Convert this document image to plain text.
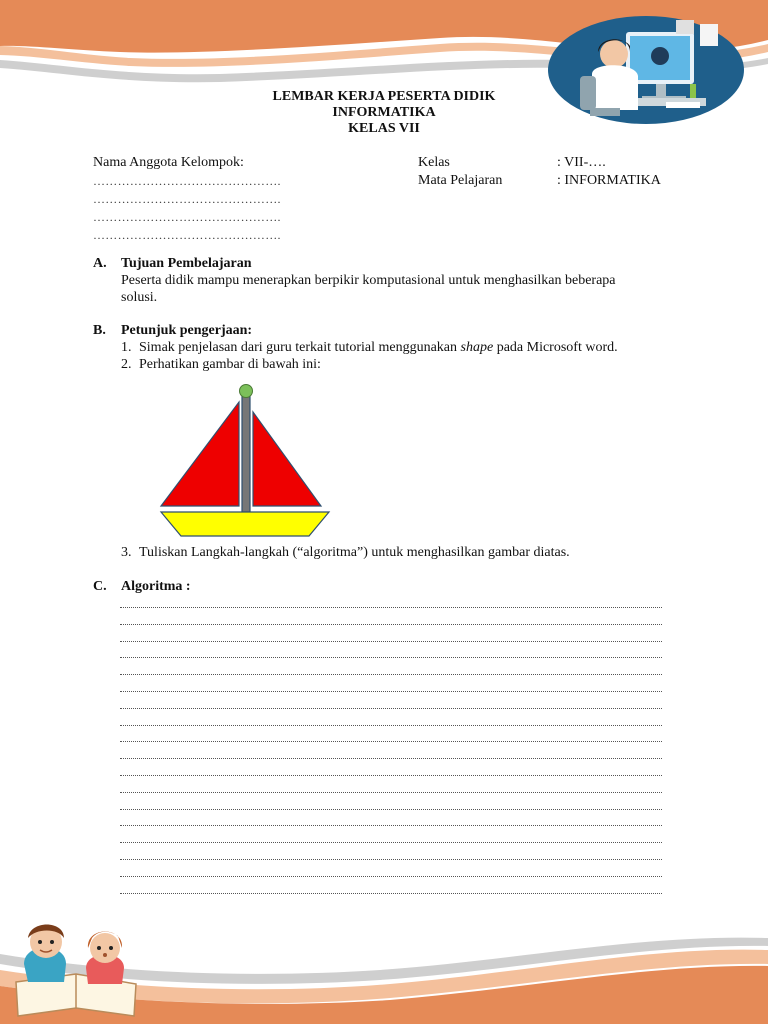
LEMBAR KERJA PESERTA DIDIK
INFORMATIKA
KELAS VII
Nama Anggota Kelompok:
……………………………………….
……………………………………….
……………………………………….
……………………………………….
Kelas	: VII-….
Mata Pelajaran	: INFORMATIKA
A. Tujuan Pembelajaran
Peserta didik mampu menerapkan berpikir komputasional untuk menghasilkan beberapa
solusi.
B. Petunjuk pengerjaan:
1. Simak penjelasan dari guru terkait tutorial menggunakan shape pada Microsoft word.
2. Perhatikan gambar di bawah ini:
3. Tuliskan Langkah-langkah (“algoritma”) untuk menghasilkan gambar diatas.
C. Algoritma :
